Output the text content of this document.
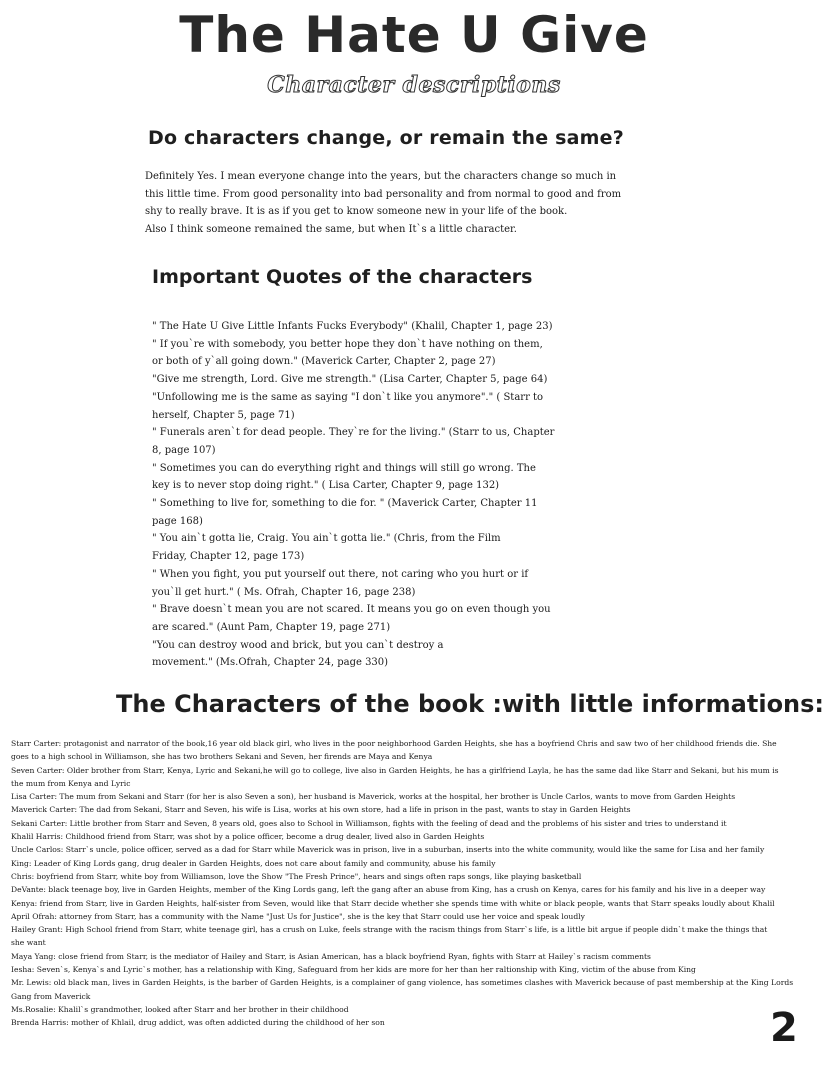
The Hate U Give
Character descriptions
Do characters change, or remain the same?
Definitely Yes. I mean everyone change into the years, but the characters change so much in
this little time. From good personality into bad personality and from normal to good and from
shy to really brave. It is as if you get to know someone new in your life of the book.
Also I think someone remained the same, but when It`s a little character.
Important Quotes of the characters
" The Hate U Give Little Infants Fucks Everybody" (Khalil, Chapter 1, page 23)
" If you`re with somebody, you better hope they don`t have nothing on them,
or both of y`all going down." (Maverick Carter, Chapter 2, page 27)
"Give me strength, Lord. Give me strength." (Lisa Carter, Chapter 5, page 64)
"Unfollowing me is the same as saying "I don`t like you anymore"." ( Starr to
herself, Chapter 5, page 71)
" Funerals aren`t for dead people. They`re for the living." (Starr to us, Chapter
8, page 107)
" Sometimes you can do everything right and things will still go wrong. The
key is to never stop doing right." ( Lisa Carter, Chapter 9, page 132)
" Something to live for, something to die for. " (Maverick Carter, Chapter 11
page 168)
" You ain`t gotta lie, Craig. You ain`t gotta lie." (Chris, from the Film
Friday, Chapter 12, page 173)
" When you fight, you put yourself out there, not caring who you hurt or if
you`ll get hurt." ( Ms. Ofrah, Chapter 16, page 238)
" Brave doesn`t mean you are not scared. It means you go on even though you
are scared." (Aunt Pam, Chapter 19, page 271)
"You can destroy wood and brick, but you can`t destroy a
movement." (Ms.Ofrah, Chapter 24, page 330)
The Characters of the book :with little informations:
Starr Carter: protagonist and narrator of the book,16 year old black girl, who lives in the poor neighborhood Garden Heights, she has a boyfriend Chris and saw two of her childhood friends die. She
goes to a high school in Williamson, she has two brothers Sekani and Seven, her firends are Maya and Kenya
Seven Carter: Older brother from Starr, Kenya, Lyric and Sekani,he will go to college, live also in Garden Heights, he has a girlfriend Layla, he has the same dad like Starr and Sekani, but his mum is
the mum from Kenya and Lyric
Lisa Carter: The mum from Sekani and Starr (for her is also Seven a son), her husband is Maverick, works at the hospital, her brother is Uncle Carlos, wants to move from Garden Heights
Maverick Carter: The dad from Sekani, Starr and Seven, his wife is Lisa, works at his own store, had a life in prison in the past, wants to stay in Garden Heights
Sekani Carter: Little brother from Starr and Seven, 8 years old, goes also to School in Williamson, fights with the feeling of dead and the problems of his sister and tries to understand it
Khalil Harris: Childhood friend from Starr, was shot by a police officer, become a drug dealer, lived also in Garden Heights
Uncle Carlos: Starr`s uncle, police officer, served as a dad for Starr while Maverick was in prison, live in a suburban, inserts into the white community, would like the same for Lisa and her family
King: Leader of King Lords gang, drug dealer in Garden Heights, does not care about family and community, abuse his family
Chris: boyfriend from Starr, white boy from Williamson, love the Show "The Fresh Prince", hears and sings often raps songs, like playing basketball
DeVante: black teenage boy, live in Garden Heights, member of the King Lords gang, left the gang after an abuse from King, has a crush on Kenya, cares for his family and his live in a deeper way
Kenya: friend from Starr, live in Garden Heights, half-sister from Seven, would like that Starr decide whether she spends time with white or black people, wants that Starr speaks loudly about Khalil
April Ofrah: attorney from Starr, has a community with the Name "Just Us for Justice", she is the key that Starr could use her voice and speak loudly
Hailey Grant: High School friend from Starr, white teenage girl, has a crush on Luke, feels strange with the racism things from Starr`s life, is a little bit argue if people didn`t make the things that
she want
Maya Yang: close friend from Starr, is the mediator of Hailey and Starr, is Asian American, has a black boyfriend Ryan, fights with Starr at Hailey`s racism comments
Iesha: Seven`s, Kenya`s and Lyric`s mother, has a relationship with King, Safeguard from her kids are more for her than her raltionship with King, victim of the abuse from King
Mr. Lewis: old black man, lives in Garden Heights, is the barber of Garden Heights, is a complainer of gang violence, has sometimes clashes with Maverick because of past membership at the King Lords
Gang from Maverick
Ms.Rosalie: Khalil`s grandmother, looked after Starr and her brother in their childhood
Brenda Harris: mother of Khlail, drug addict, was often addicted during the childhood of her son	2
